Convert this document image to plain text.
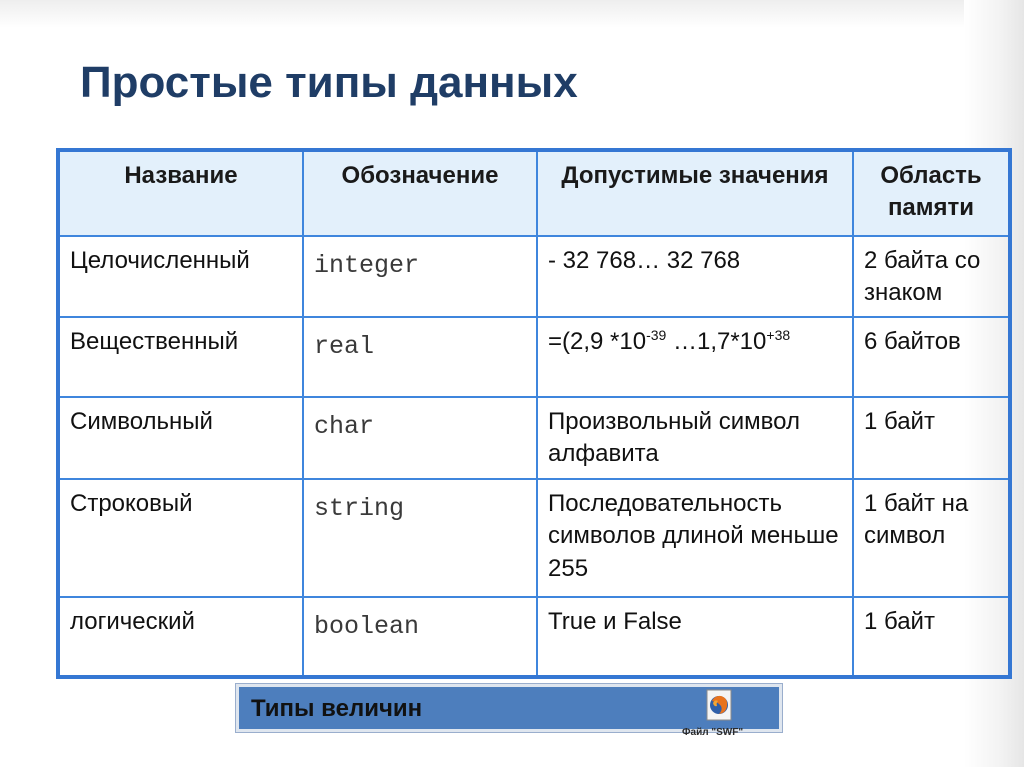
Простые типы данных
Название	Обозначение	Допустимые значения	Область памяти
Целочисленный	integer	- 32 768… 32 768	2 байта со знаком
Вещественный	real	=(2,9 $*10^{-39}$ $\dots 1,7*10^{+38}$	6 байтов
Символьный	char	Произвольный символ алфавита	1 байт
Строковый	string	Последовательность символов длиной меньше 255	1 байт на символ
логический	boolean	True и False	1 байт
Типы величин
Файл "SWF"
